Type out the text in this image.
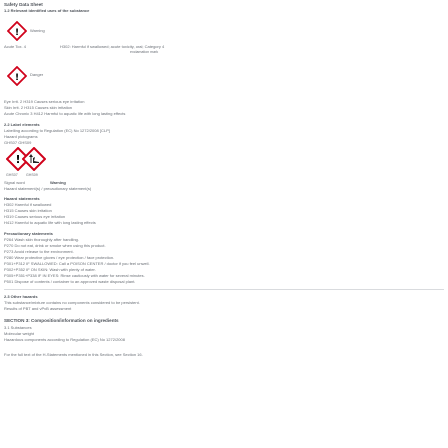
Safety Data Sheet
1.2 Relevant identified uses of the substance
!	Warning
Acute Tox. 4	H302: Harmful if swallowed; acute toxicity, oral; Category 4
exclamation mark
!	Danger
Eye Irrit. 2 H319 Causes serious eye irritation
Skin Irrit. 2 H315 Causes skin irritation
Acute Chronic 3 H412 Harmful to aquatic life with long lasting effects
2.2 Label elements
Labelling according to Regulation (EC) No 1272/2008 [CLP]
Hazard pictograms
GHS07 GHS09
!
GHS07	GHS09
Signal word	Warning
Hazard statement(s) / precautionary statement(s)
Hazard statements
H302 Harmful if swallowed
H315 Causes skin irritation
H319 Causes serious eye irritation
H412 Harmful to aquatic life with long lasting effects
Precautionary statements
P264 Wash skin thoroughly after handling.
P270 Do not eat, drink or smoke when using this product.
P273 Avoid release to the environment.
P280 Wear protective gloves / eye protection / face protection.
P301+P312 IF SWALLOWED: Call a POISON CENTER / doctor if you feel unwell.
P302+P352 IF ON SKIN: Wash with plenty of water.
P305+P351+P338 IF IN EYES: Rinse cautiously with water for several minutes.
P501 Dispose of contents / container to an approved waste disposal plant.
2.3 Other hazards
This substance/mixture contains no components considered to be persistent.
Results of PBT and vPvB assessment
SECTION 3: Composition/information on ingredients
3.1 Substances
Molecular weight
Hazardous components according to Regulation (EC) No 1272/2008
For the full text of the H-Statements mentioned in this Section, see Section 16.
